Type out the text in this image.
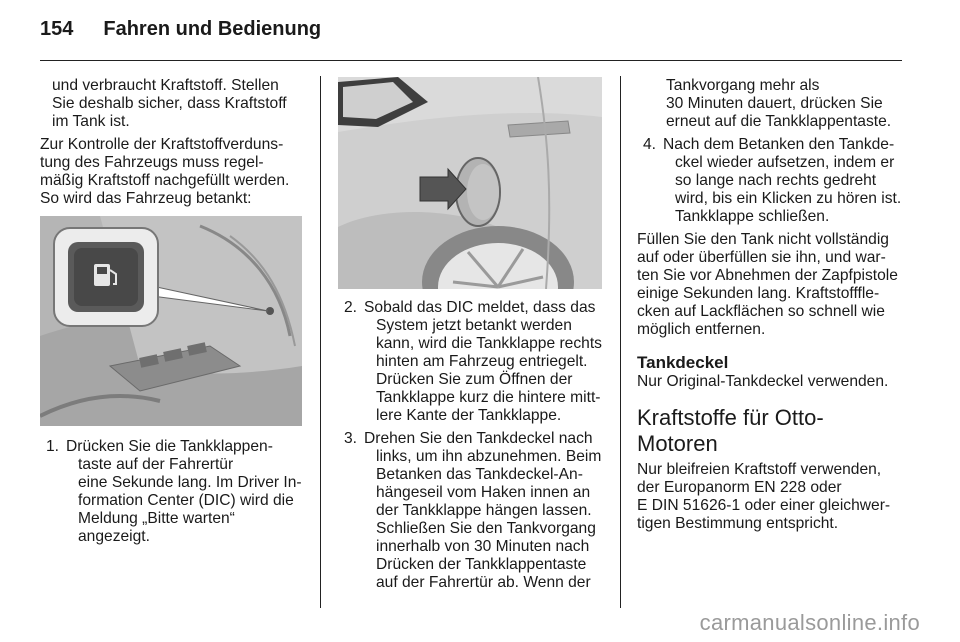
154 Fahren und Bedienung

und verbraucht Kraftstoff. Stellen
Sie deshalb sicher, dass Kraftstoff
im Tank ist.

Zur Kontrolle der Kraftstoffverduns-
tung des Fahrzeugs muss regel-
mäßig Kraftstoff nachgefüllt werden.
So wird das Fahrzeug betankt:

1. Drücken Sie die Tankklappen-
taste auf der Fahrertür
eine Sekunde lang. Im Driver In-
formation Center (DIC) wird die
Meldung „Bitte warten“ angezeigt.
2. Sobald das DIC meldet, dass das
System jetzt betankt werden
kann, wird die Tankklappe rechts
hinten am Fahrzeug entriegelt.
Drücken Sie zum Öffnen der
Tankklappe kurz die hintere mitt-
lere Kante der Tankklappe.
3. Drehen Sie den Tankdeckel nach
links, um ihn abzunehmen. Beim
Betanken das Tankdeckel-An-
hängeseil vom Haken innen an
der Tankklappe hängen lassen.
Schließen Sie den Tankvorgang
innerhalb von 30 Minuten nach
Drücken der Tankklappentaste
auf der Fahrertür ab. Wenn der

Tankvorgang mehr als
30 Minuten dauert, drücken Sie
erneut auf die Tankklappentaste.

4. Nach dem Betanken den Tankde-
ckel wieder aufsetzen, indem er
so lange nach rechts gedreht
wird, bis ein Klicken zu hören ist.
Tankklappe schließen.

Füllen Sie den Tank nicht vollständig
auf oder überfüllen sie ihn, und war-
ten Sie vor Abnehmen der Zapfpistole
einige Sekunden lang. Kraftstofffle-
cken auf Lackflächen so schnell wie
möglich entfernen.

Tankdeckel

Nur Original-Tankdeckel verwenden.

Kraftstoffe für Otto-
Motoren

Nur bleifreien Kraftstoff verwenden,
der Europanorm EN 228 oder
E DIN 51626-1 oder einer gleichwer-
tigen Bestimmung entspricht.

carmanualsonline.info
